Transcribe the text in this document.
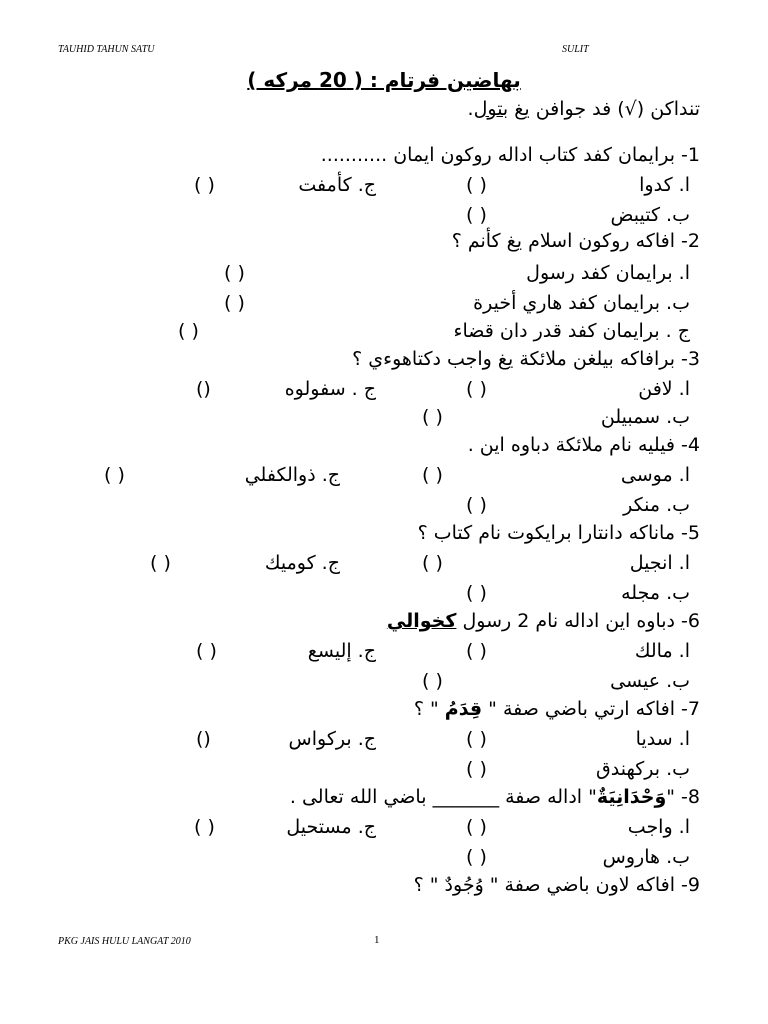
TAUHID TAHUN SATU	SULIT
بهاضين فرتام : ( 20 مركه )
تنداكن (√) فد جوافن يغ بتول.
1- برايمان كفد كتاب اداله روكون ايمان ...........
ا. كدوا
( )
ج. كأمفت
( )
ب. كتيبض
( )
2- افاكه روكون اسلام يغ كأنم ؟
ا. برايمان كفد رسول
( )
ب. برايمان كفد هاري أخيرة
( )
ج . برايمان كفد قدر دان قضاء
( )
3- برافاكه بيلغن ملائكة يغ واجب دكتاهوءي ؟
ا. لافن
( )
ج . سفولوه
()
ب. سمبيلن
( )
4- فيليه نام ملائكة دباوه اين .
ا. موسى
( )
ج. ذوالكفلي
( )
ب. منكر
( )
5- ماناكه دانتارا برايكوت نام كتاب ؟
ا. انجيل
( )
ج. كوميك
( )
ب. مجله
( )
6- دباوه اين اداله نام 2 رسول كخوالي
ا. مالك
( )
ج. إليسع
( )
ب. عيسى
( )
7- افاكه ارتي باضي صفة " قِدَمُ " ؟
ا. سديا
( )
ج. بركواس
()
ب. بركهندق
( )
8- "وَحْدَانِيَةٌ" اداله صفة _______ باضي الله تعالى .
ا. واجب
( )
ج. مستحيل
( )
ب. هاروس
( )
9- افاكه لاون باضي صفة " وُجُودٌ " ؟
PKG JAIS HULU LANGAT 2010	1
